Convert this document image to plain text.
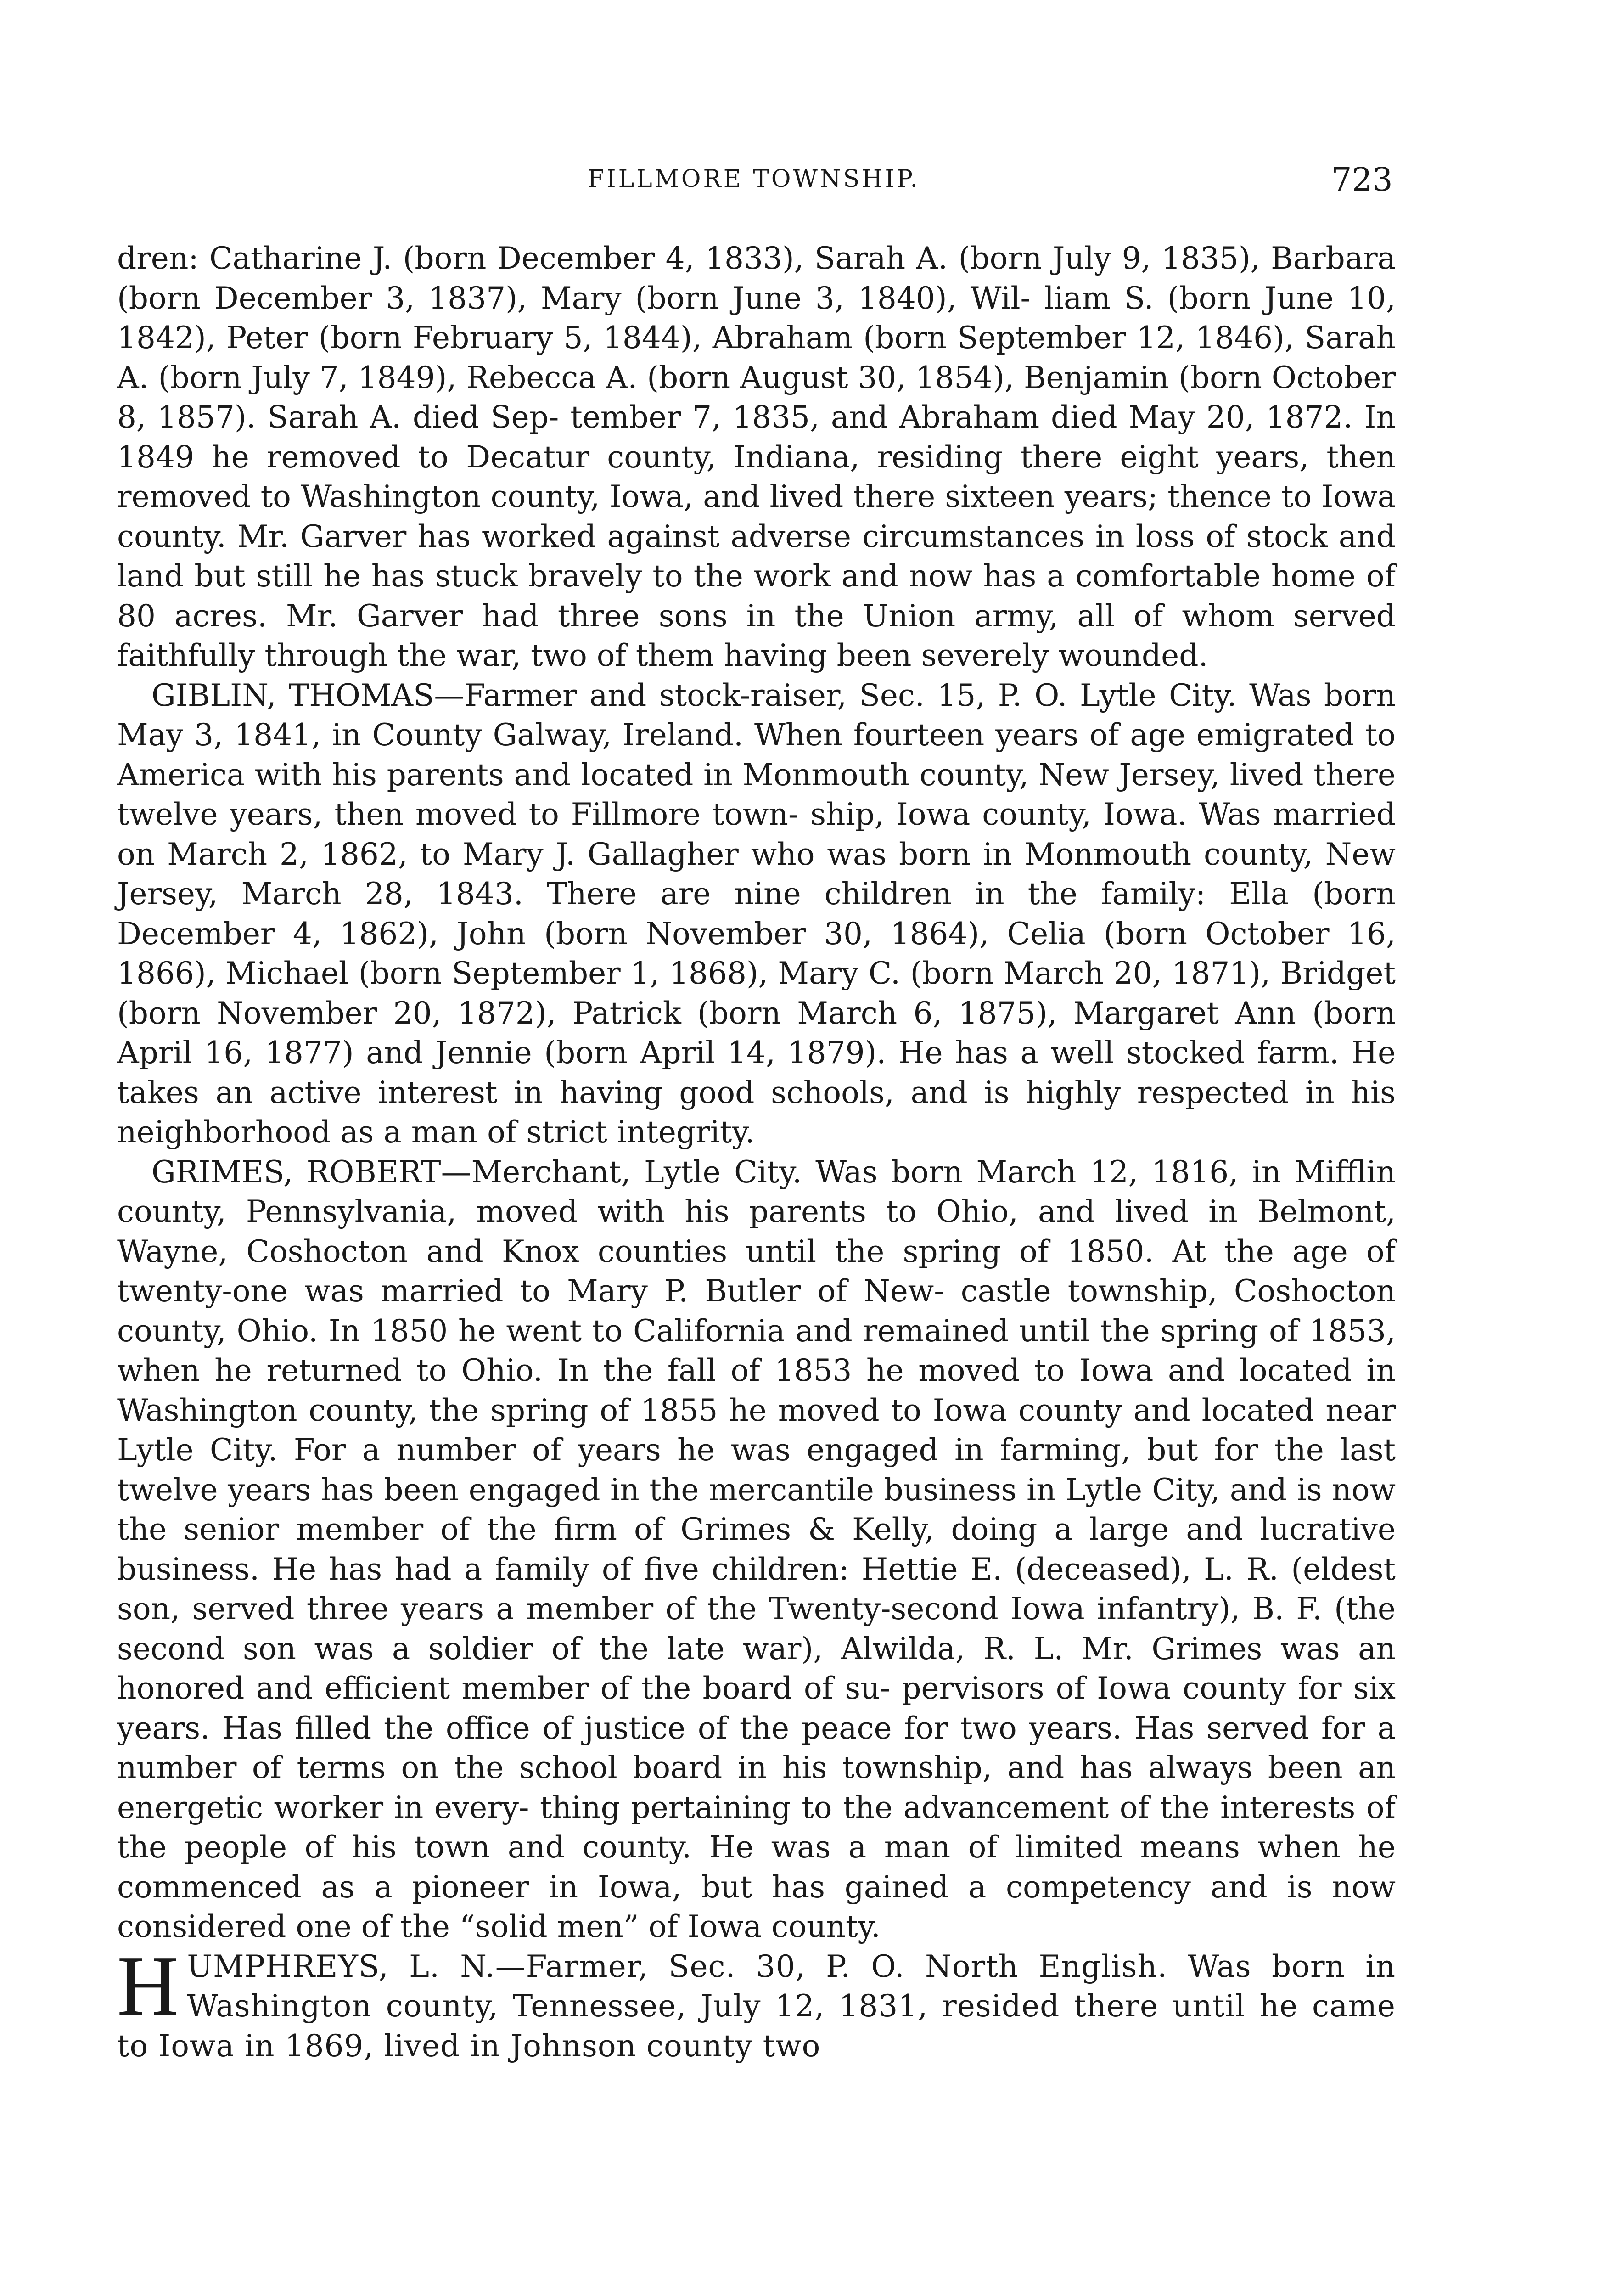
FILLMORE TOWNSHIP.	723

dren: Catharine J. (born December 4, 1833), Sarah A. (born July 9, 1835), Barbara (born December 3, 1837), Mary (born June 3, 1840), Wil- liam S. (born June 10, 1842), Peter (born February 5, 1844), Abraham (born September 12, 1846), Sarah A. (born July 7, 1849), Rebecca A. (born August 30, 1854), Benjamin (born October 8, 1857). Sarah A. died Sep- tember 7, 1835, and Abraham died May 20, 1872. In 1849 he removed to Decatur county, Indiana, residing there eight years, then removed to Washington county, Iowa, and lived there sixteen years; thence to Iowa county. Mr. Garver has worked against adverse circumstances in loss of stock and land but still he has stuck bravely to the work and now has a comfortable home of 80 acres. Mr. Garver had three sons in the Union army, all of whom served faithfully through the war, two of them having been severely wounded.

GIBLIN, THOMAS—Farmer and stock-raiser, Sec. 15, P. O. Lytle City. Was born May 3, 1841, in County Galway, Ireland. When fourteen years of age emigrated to America with his parents and located in Monmouth county, New Jersey, lived there twelve years, then moved to Fillmore town- ship, Iowa county, Iowa. Was married on March 2, 1862, to Mary J. Gallagher who was born in Monmouth county, New Jersey, March 28, 1843. There are nine children in the family: Ella (born December 4, 1862), John (born November 30, 1864), Celia (born October 16, 1866), Michael (born September 1, 1868), Mary C. (born March 20, 1871), Bridget (born November 20, 1872), Patrick (born March 6, 1875), Margaret Ann (born April 16, 1877) and Jennie (born April 14, 1879). He has a well stocked farm. He takes an active interest in having good schools, and is highly respected in his neighborhood as a man of strict integrity.

GRIMES, ROBERT—Merchant, Lytle City. Was born March 12, 1816, in Mifflin county, Pennsylvania, moved with his parents to Ohio, and lived in Belmont, Wayne, Coshocton and Knox counties until the spring of 1850. At the age of twenty-one was married to Mary P. Butler of New- castle township, Coshocton county, Ohio. In 1850 he went to California and remained until the spring of 1853, when he returned to Ohio. In the fall of 1853 he moved to Iowa and located in Washington county, the spring of 1855 he moved to Iowa county and located near Lytle City. For a number of years he was engaged in farming, but for the last twelve years has been engaged in the mercantile business in Lytle City, and is now the senior member of the firm of Grimes & Kelly, doing a large and lucrative business. He has had a family of five children: Hettie E. (deceased), L. R. (eldest son, served three years a member of the Twenty-second Iowa infantry), B. F. (the second son was a soldier of the late war), Alwilda, R. L. Mr. Grimes was an honored and efficient member of the board of su- pervisors of Iowa county for six years. Has filled the office of justice of the peace for two years. Has served for a number of terms on the school board in his township, and has always been an energetic worker in every- thing pertaining to the advancement of the interests of the people of his town and county. He was a man of limited means when he commenced as a pioneer in Iowa, but has gained a competency and is now considered one of the “solid men” of Iowa county.

HUMPHREYS, L. N.—Farmer, Sec. 30, P. O. North English. Was born in Washington county, Tennessee, July 12, 1831, resided there until he came to Iowa in 1869, lived in Johnson county two
